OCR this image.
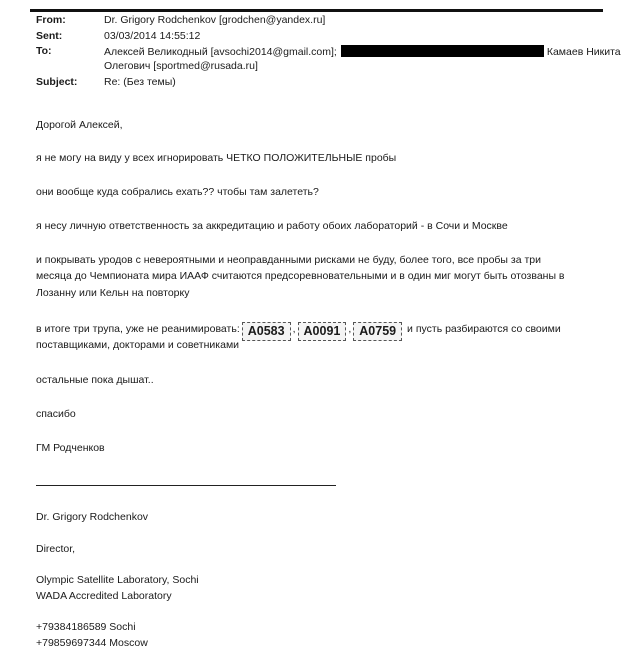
From:	Dr. Grigory Rodchenkov [grodchen@yandex.ru]
Sent:	03/03/2014 14:55:12
To:	Алексей Великодный [avsochi2014@gmail.com];	Камаев Никита
Олегович [sportmed@rusada.ru]
Subject:	Re: (Без темы)
Дорогой Алексей,
я не могу на виду у всех игнорировать ЧЕТКО ПОЛОЖИТЕЛЬНЫЕ пробы
они вообще куда собрались ехать?? чтобы там залететь?
я несу личную ответственность за аккредитацию и работу обоих лабораторий - в Сочи и Москве
и покрывать уродов с невероятными и неоправданными рисками не буду, более того, все пробы за три
месяца до Чемпионата мира ИААФ считаются предсоревновательными и в один миг могут быть отозваны в
Лозанну или Кельн на повторку
в итоге три трупа, уже не реанимировать: A0583 , A0091 , A0759 и пусть разбираются со своими
поставщиками, докторами и советниками
остальные пока дышат..
спасибо
ГМ Родченков
Dr. Grigory Rodchenkov
Director,
Olympic Satellite Laboratory, Sochi
WADA Accredited Laboratory
+79384186589 Sochi
+79859697344 Moscow
